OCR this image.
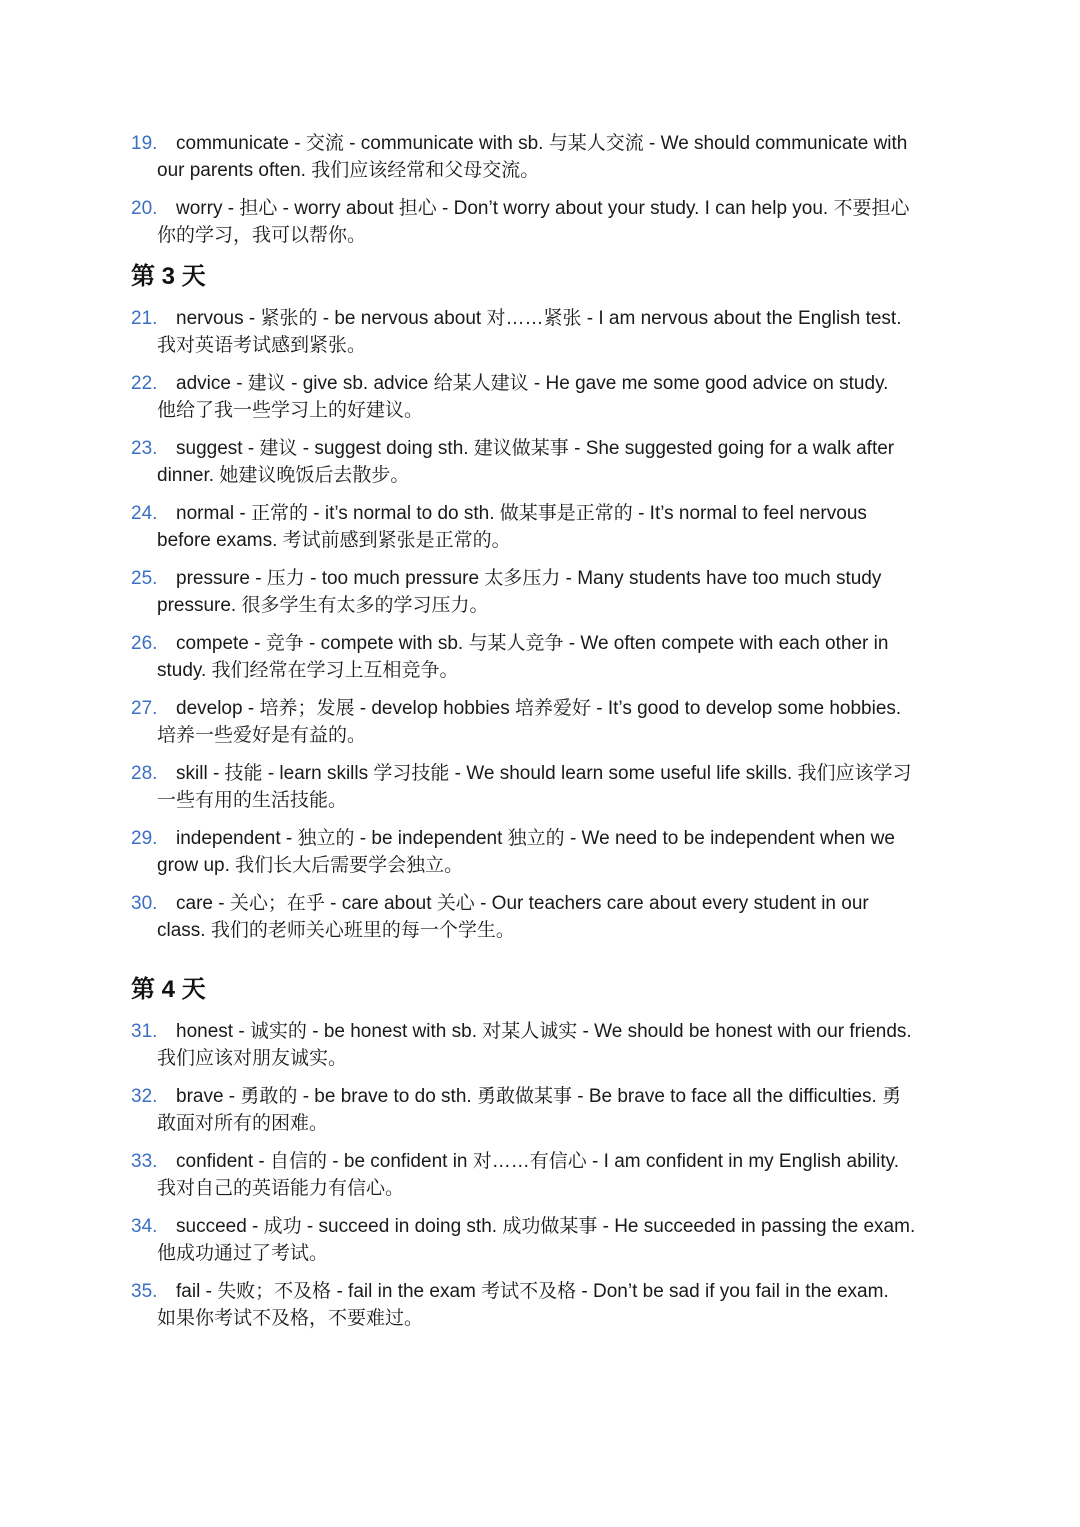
19. communicate - 交流 - communicate with sb. 与某人交流 - We should communicate with
our parents often. 我们应该经常和父母交流。
20. worry - 担心 - worry about 担心 - Don’t worry about your study. I can help you. 不要担心
你的学习，我可以帮你。
第 3 天
21. nervous - 紧张的 - be nervous about 对……紧张 - I am nervous about the English test.
我对英语考试感到紧张。
22. advice - 建议 - give sb. advice 给某人建议 - He gave me some good advice on study.
他给了我一些学习上的好建议。
23. suggest - 建议 - suggest doing sth. 建议做某事 - She suggested going for a walk after
dinner. 她建议晚饭后去散步。
24. normal - 正常的 - it’s normal to do sth. 做某事是正常的 - It’s normal to feel nervous
before exams. 考试前感到紧张是正常的。
25. pressure - 压力 - too much pressure 太多压力 - Many students have too much study
pressure. 很多学生有太多的学习压力。
26. compete - 竞争 - compete with sb. 与某人竞争 - We often compete with each other in
study. 我们经常在学习上互相竞争。
27. develop - 培养；发展 - develop hobbies 培养爱好 - It’s good to develop some hobbies.
培养一些爱好是有益的。
28. skill - 技能 - learn skills 学习技能 - We should learn some useful life skills. 我们应该学习
一些有用的生活技能。
29. independent - 独立的 - be independent 独立的 - We need to be independent when we
grow up. 我们长大后需要学会独立。
30. care - 关心；在乎 - care about 关心 - Our teachers care about every student in our
class. 我们的老师关心班里的每一个学生。
第 4 天
31. honest - 诚实的 - be honest with sb. 对某人诚实 - We should be honest with our friends.
我们应该对朋友诚实。
32. brave - 勇敢的 - be brave to do sth. 勇敢做某事 - Be brave to face all the difficulties. 勇
敢面对所有的困难。
33. confident - 自信的 - be confident in 对……有信心 - I am confident in my English ability.
我对自己的英语能力有信心。
34. succeed - 成功 - succeed in doing sth. 成功做某事 - He succeeded in passing the exam.
他成功通过了考试。
35. fail - 失败；不及格 - fail in the exam 考试不及格 - Don’t be sad if you fail in the exam.
如果你考试不及格，不要难过。
